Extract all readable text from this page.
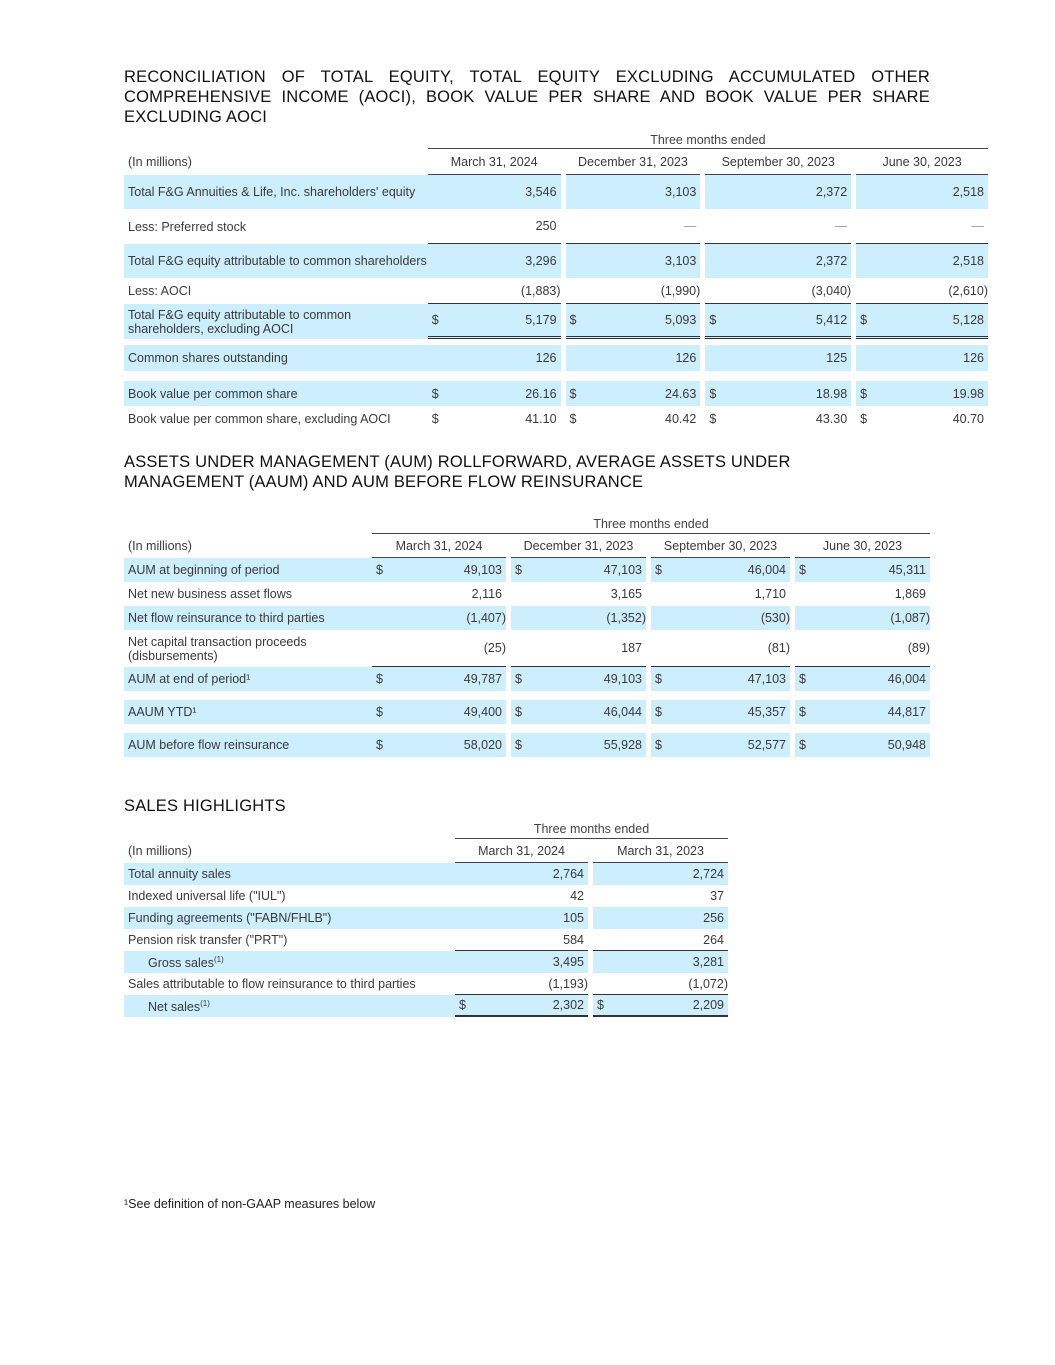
RECONCILIATION OF TOTAL EQUITY, TOTAL EQUITY EXCLUDING ACCUMULATED OTHER
COMPREHENSIVE INCOME (AOCI), BOOK VALUE PER SHARE AND BOOK VALUE PER SHARE
EXCLUDING AOCI
	Three months ended						
(In millions)	March 31, 2024		December 31, 2023		September 30, 2023		June 30, 2023
Total F&G Annuities & Life, Inc. shareholders' equity	3,546		3,103		2,372		2,518

Less: Preferred stock	250		—		—		—

Total F&G equity attributable to common shareholders	3,296		3,103		2,372		2,518

Less: AOCI	(1,883)		(1,990)		(3,040)		(2,610)

Total F&G equity attributable to common shareholders, excluding AOCI	$ 5,179		$ 5,093		$ 5,412		$ 5,128

Common shares outstanding	126		126		125		126

Book value per common share	$ 26.16		$ 24.63		$ 18.98		$ 19.98

Book value per common share, excluding AOCI	$ 41.10		$ 40.42		$ 43.30		$ 40.70
ASSETS UNDER MANAGEMENT (AUM) ROLLFORWARD, AVERAGE ASSETS UNDER
MANAGEMENT (AAUM) AND AUM BEFORE FLOW REINSURANCE
	Three months ended						
(In millions)	March 31, 2024		December 31, 2023		September 30, 2023		June 30, 2023
AUM at beginning of period	$ 49,103		$ 47,103		$ 46,004		$ 45,311

Net new business asset flows	2,116		3,165		1,710		1,869

Net flow reinsurance to third parties	(1,407)		(1,352)		(530)		(1,087)

Net capital transaction proceeds (disbursements)	(25)		187		(81)		(89)

AUM at end of period¹	$ 49,787		$ 49,103		$ 47,103		$ 46,004

AAUM YTD¹	$ 49,400		$ 46,044		$ 45,357		$ 44,817

AUM before flow reinsurance	$ 58,020		$ 55,928		$ 52,577		$ 50,948
SALES HIGHLIGHTS
	Three months ended		
(In millions)	March 31, 2024		March 31, 2023
Total annuity sales	2,764		2,724

Indexed universal life ("IUL")	42		37

Funding agreements ("FABN/FHLB")	105		256

Pension risk transfer ("PRT")	584		264

Gross sales$^{(1)}$	3,495		3,281

Sales attributable to flow reinsurance to third parties	(1,193)		(1,072)

Net sales$^{(1)}$	$ 2,302		$ 2,209
¹See definition of non-GAAP measures below
